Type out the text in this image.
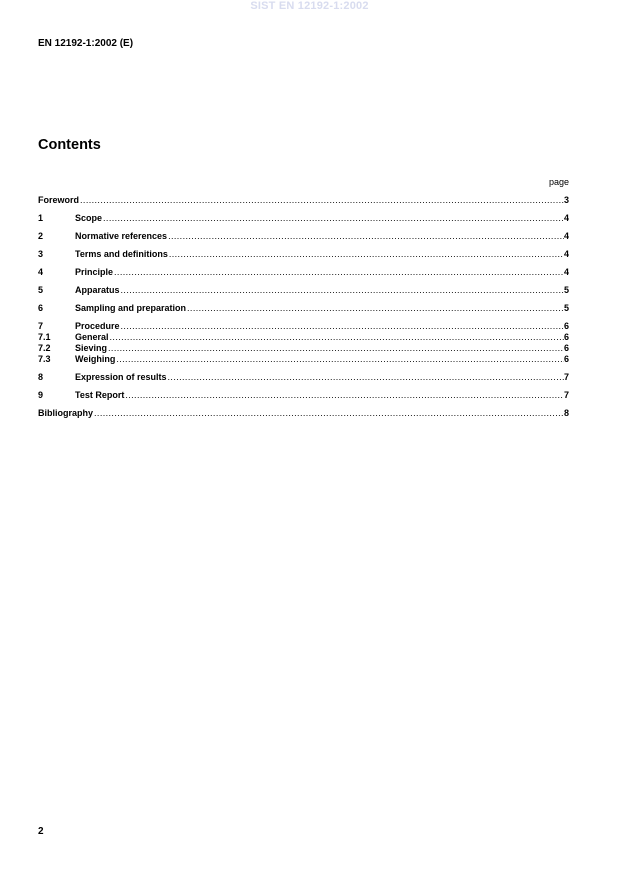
SIST EN 12192-1:2002
EN 12192-1:2002 (E)
Contents
page
Foreword .....	3
1	Scope .....	4
2	Normative references .....	4
3	Terms and definitions .....	4
4	Principle .....	4
5	Apparatus .....	5
6	Sampling and preparation .....	5
7	Procedure .....	6
7.1	General .....	6
7.2	Sieving .....	6
7.3	Weighing .....	6
8	Expression of results .....	7
9	Test Report .....	7
Bibliography .....	8
2
